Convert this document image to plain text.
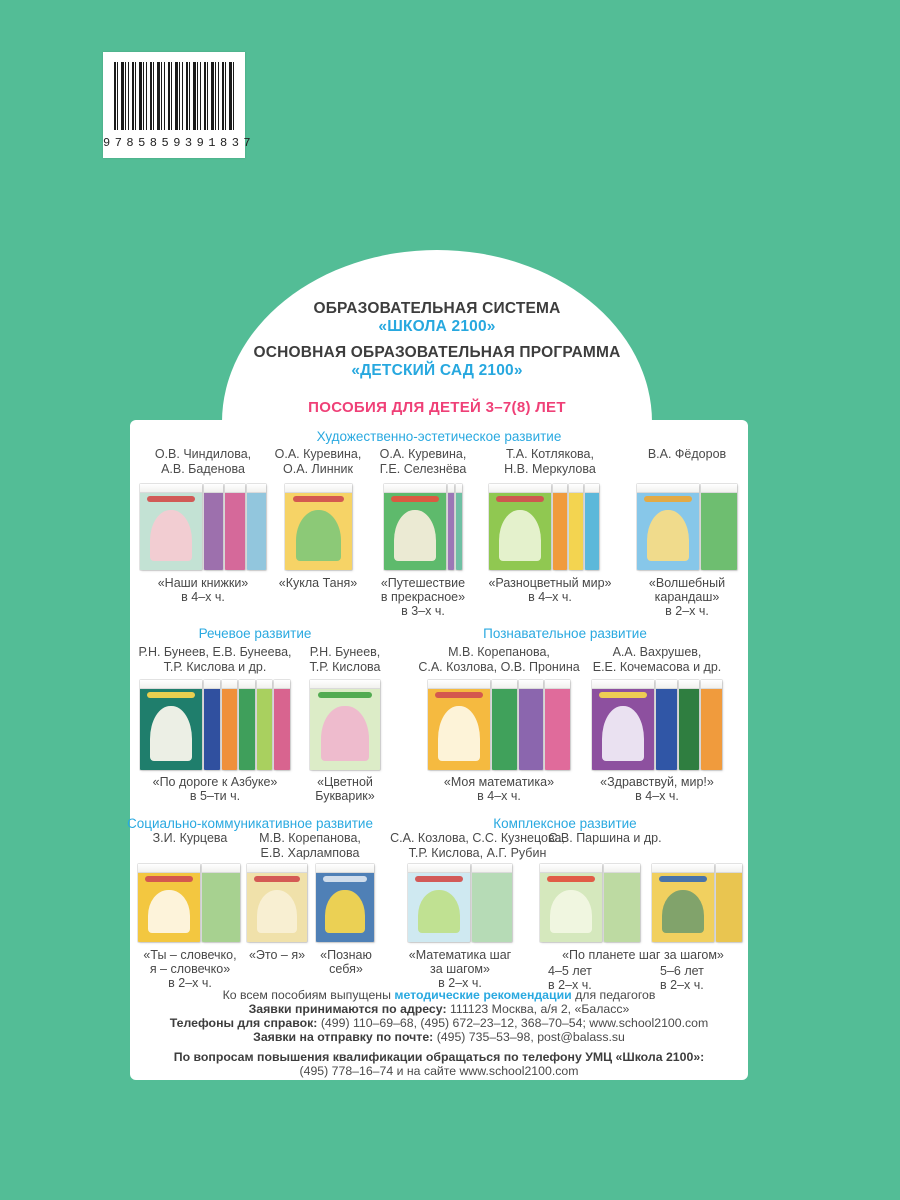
9785859391837
ОБРАЗОВАТЕЛЬНАЯ СИСТЕМА
«ШКОЛА 2100»
ОСНОВНАЯ ОБРАЗОВАТЕЛЬНАЯ ПРОГРАММА
«ДЕТСКИЙ САД 2100»
ПОСОБИЯ ДЛЯ ДЕТЕЙ 3–7(8) ЛЕТ
Художественно-эстетическое развитие
О.В. Чиндилова,
А.В. Баденова
О.А. Куревина,
О.А. Линник
О.А. Куревина,
Г.Е. Селезнёва
Т.А. Котлякова,
Н.В. Меркулова
В.А. Фёдоров
«Наши книжки»
в 4–х ч.
«Кукла Таня»	«Путешествие
в прекрасное»
в 3–х ч.
«Разноцветный мир»
в 4–х ч.
«Волшебный
карандаш»
в 2–х ч.
Речевое развитие	Познавательное развитие
Р.Н. Бунеев, Е.В. Бунеева,
Т.Р. Кислова и др.
Р.Н. Бунеев,
Т.Р. Кислова
М.В. Корепанова,
С.А. Козлова, О.В. Пронина
А.А. Вахрушев,
Е.Е. Кочемасова и др.
«По дороге к Азбуке»
в 5–ти ч.
«Цветной
Букварик»
«Моя математика»
в 4–х ч.
«Здравствуй, мир!»
в 4–х ч.
Социально-коммуникативное развитие	Комплексное развитие
З.И. Курцева	М.В. Корепанова,
Е.В. Харлампова
С.А. Козлова, С.С. Кузнецова,
Т.Р. Кислова, А.Г. Рубин
С.В. Паршина и др.
«Ты – словечко,
я – словечко»
в 2–х ч.
«Это – я»	«Познаю
себя»
«Математика шаг
за шагом»
в 2–х ч.
«По планете шаг за шагом»
4–5 лет
в 2–х ч.
5–6 лет
в 2–х ч.
Ко всем пособиям выпущены методические рекомендации для педагогов
Заявки принимаются по адресу: 111123 Москва, а/я 2, «Баласс»
Телефоны для справок: (499) 110–69–68, (495) 672–23–12, 368–70–54; www.school2100.com
Заявки на отправку по почте: (495) 735–53–98, post@balass.su
По вопросам повышения квалификации обращаться по телефону УМЦ «Школа 2100»:
(495) 778–16–74 и на сайте www.school2100.com
